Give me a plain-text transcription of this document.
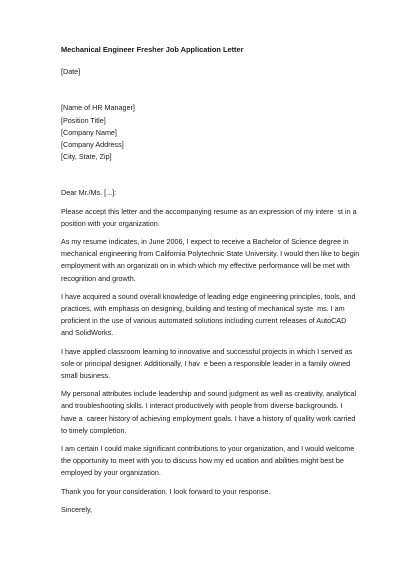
Mechanical Engineer Fresher Job Application Letter

[Date]

[Name of HR Manager]

[Position Title]

[Company Name]

[Company Address]

[City, State, Zip]

Dear Mr./Ms. [...]:

Please accept this letter and the accompanying resume as an expression of my intere  st in a

position with your organization.

As my resume indicates, in June 2006, I expect to receive a Bachelor of Science degree in

mechanical engineering from California Polytechnic State University. I would then like to begin

employment with an organizati on in which which my effective performance will be met with

recognition and growth.

I have acquired a sound overall knowledge of leading edge engineering principles, tools, and

practices, with emphasis on designing, building and testing of mechanical syste  ms. I am

proficient in the use of various automated solutions including current releases of AutoCAD

and SolidWorks.

I have applied classroom learning to innovative and successful projects in which I served as

sole or principal designer. Additionally, I hav  e been a responsible leader in a family owned

small business.

My personal attributes include leadership and sound judgment as well as creativity, analytical

and troubleshooting skills. I interact productively with people from diverse backgrounds. I

have a  career history of achieving employment goals. I have a history of quality work carried

to timely completion.

I am certain I could make significant contributions to your organization, and I would welcome

the opportunity to meet with you to discuss how my ed ucation and abilities might best be

employed by your organization.

Thank you for your consideration. I look forward to your response.

Sincerely,
